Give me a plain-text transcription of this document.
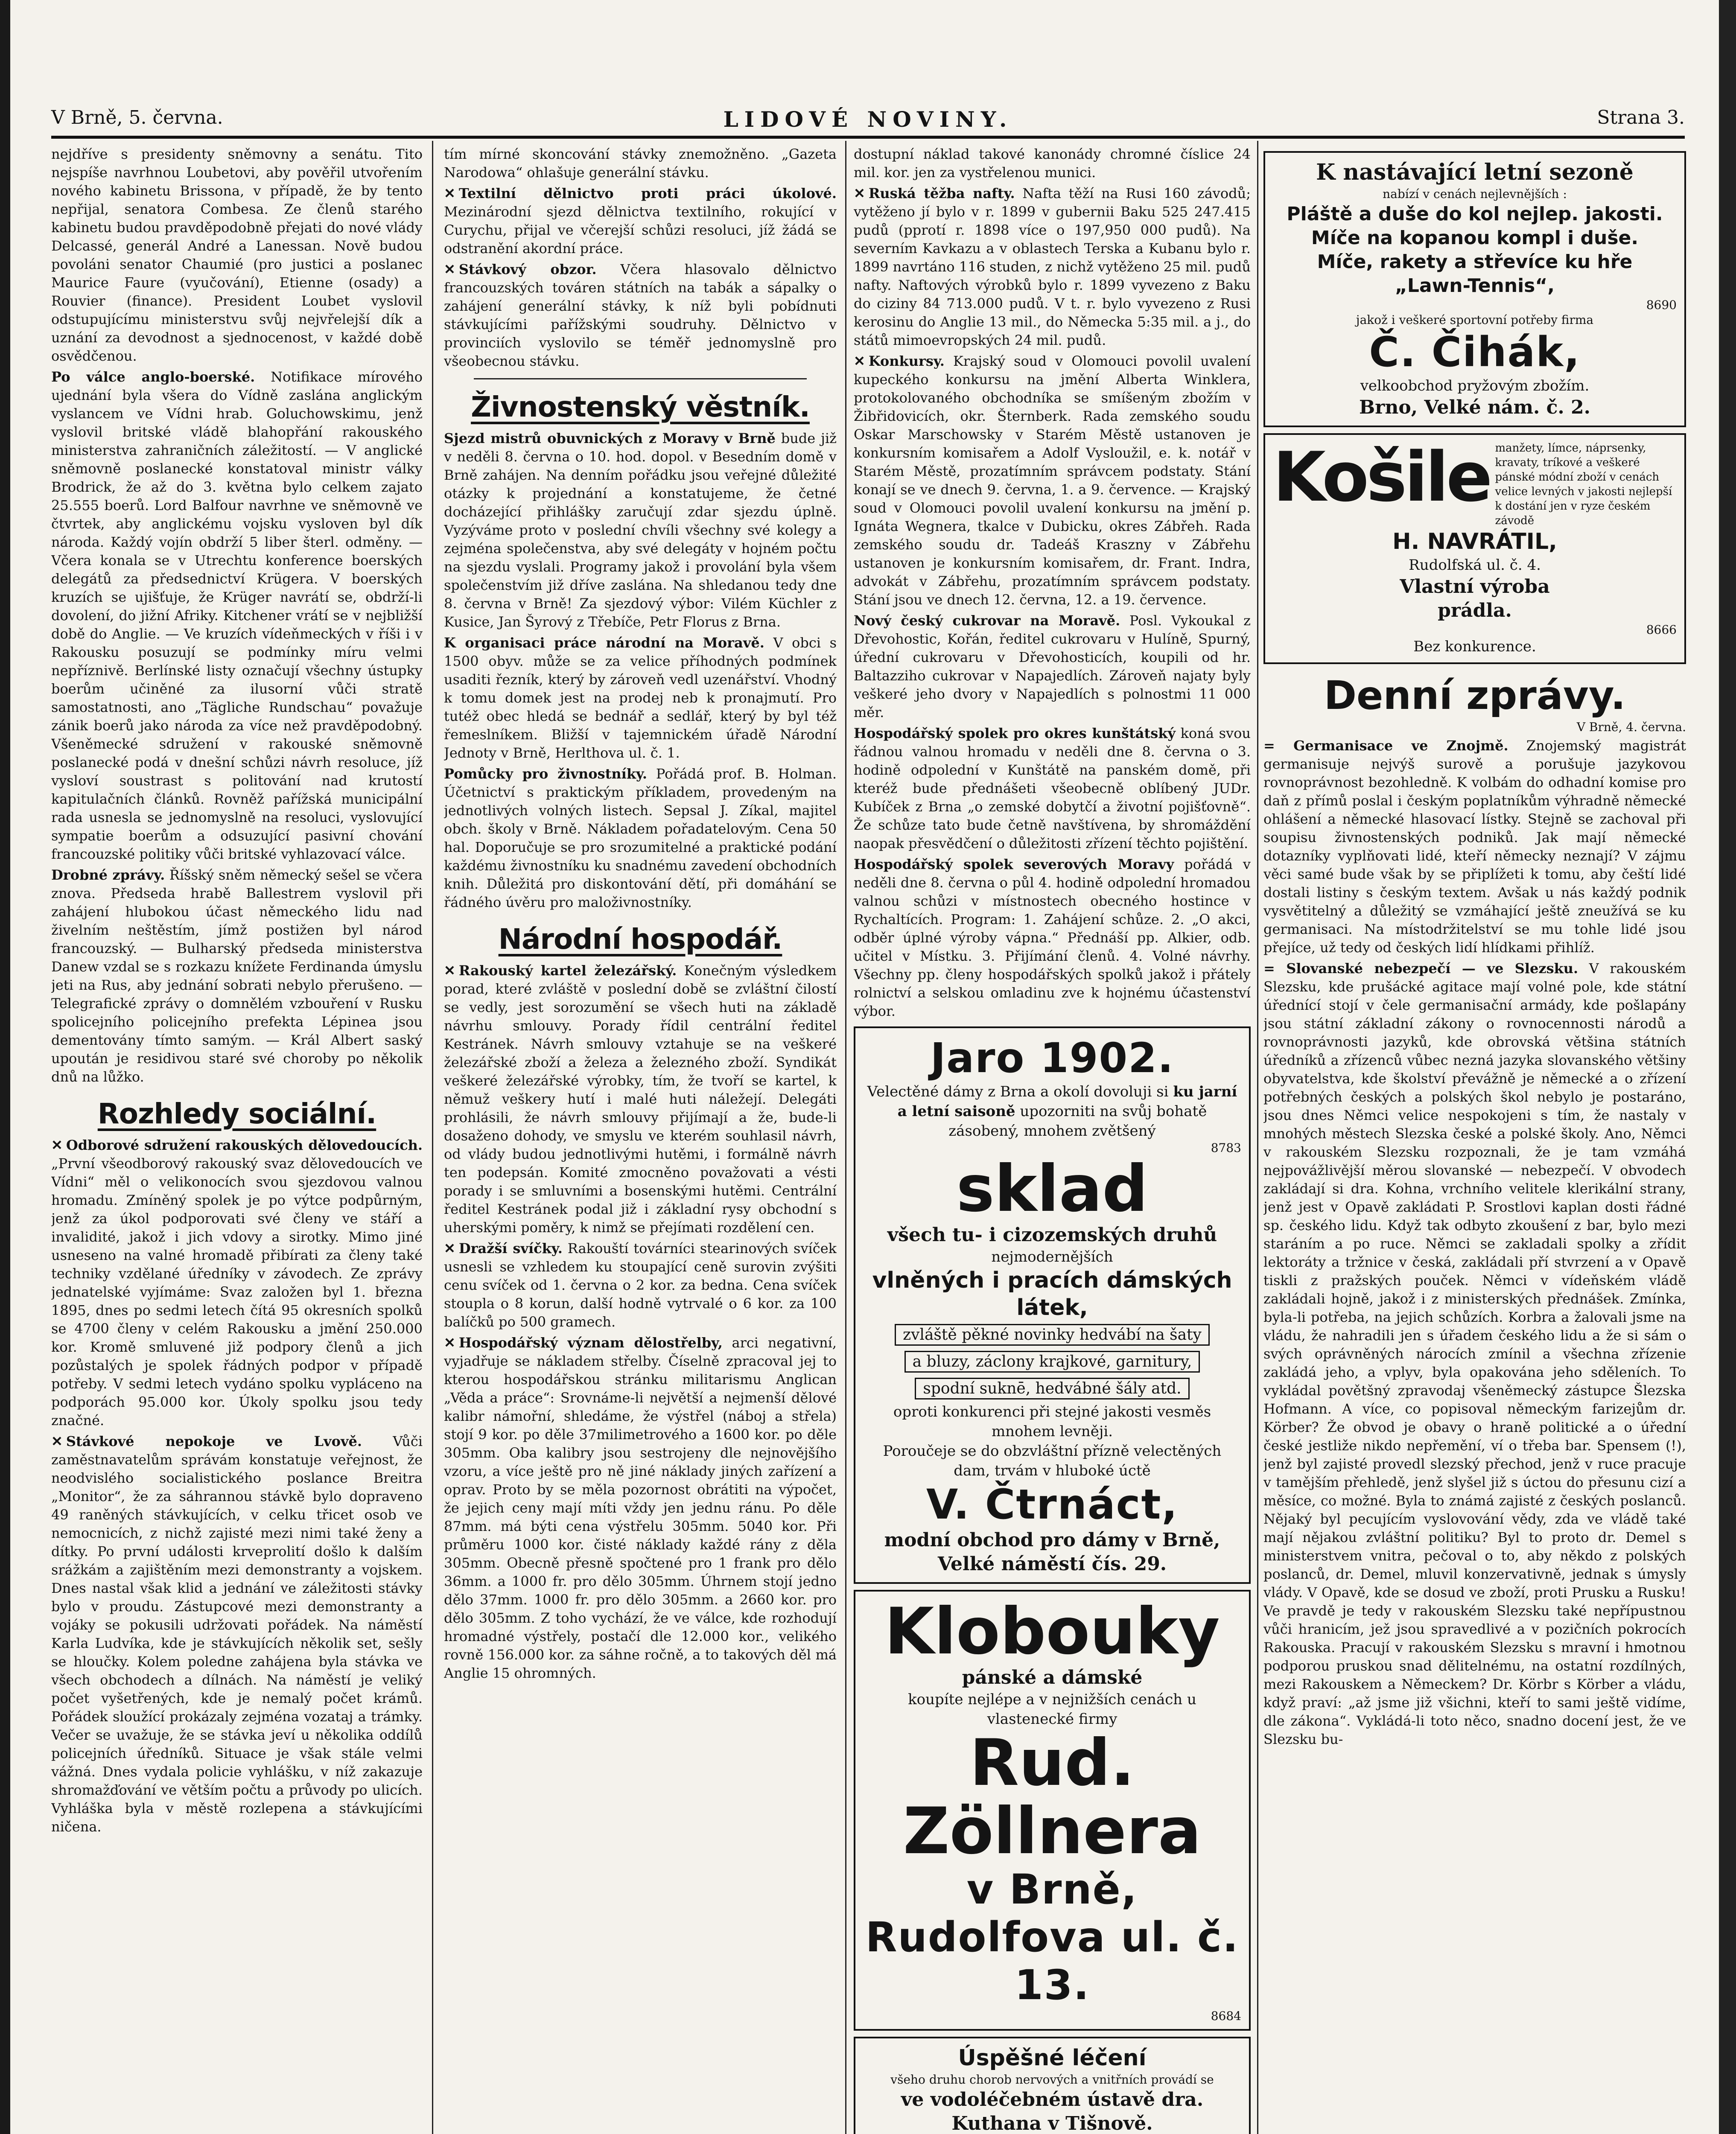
V Brně, 5. června.	LIDOVÉ NOVINY.	Strana 3.

nejdříve s presidenty sněmovny a senátu. Tito nejspíše navrhnou Loubetovi, aby pověřil utvořením nového kabinetu Brissona, v případě, že by tento nepřijal, senatora Combesa. Ze členů starého kabinetu budou pravděpodobně přejati do nové vlády Delcassé, generál André a Lanessan. Nově budou povoláni senator Chaumié (pro justici a poslanec Maurice Faure (vyučování), Etienne (osady) a Rouvier (finance). President Loubet vyslovil odstupujícímu ministerstvu svůj nejvřelejší dík a uznání za devodnost a sjednocenost, v každé době osvědčenou.

Po válce anglo-boerské. Notifikace mírového ujednání byla všera do Vídně zaslána anglickým vyslancem ve Vídni hrab. Goluchowskimu, jenž vyslovil britské vládě blahopřání rakouského ministerstva zahraničních záležitostí. — V anglické sněmovně poslanecké konstatoval ministr války Brodrick, že až do 3. května bylo celkem zajato 25.555 boerů. Lord Balfour navrhne ve sněmovně ve čtvrtek, aby anglickému vojsku vysloven byl dík národa. Každý vojín obdrží 5 liber šterl. odměny. — Včera konala se v Utrechtu konference boerských delegátů za předsednictví Krügera. V boerských kruzích se ujišťuje, že Krüger navrátí se, obdrží-li dovolení, do jižní Afriky. Kitchener vrátí se v nejbližší době do Anglie. — Ve kruzích vídeňmeckých v říši i v Rakousku posuzují se podmínky míru velmi nepříznivě. Berlínské listy označují všechny ústupky boerům učiněné za ilusorní vůči stratě samostatnosti, ano „Tägliche Rundschau“ považuje zánik boerů jako národa za více než pravděpodobný. Všeněmecké sdružení v rakouské sněmovně poslanecké podá v dnešní schůzi návrh resoluce, jíž vysloví soustrast s politování nad krutostí kapitulačních článků. Rovněž pařížská municipální rada usnesla se jednomyslně na resoluci, vyslovující sympatie boerům a odsuzující pasivní chování francouzské politiky vůči britské vyhlazovací válce.

Drobné zprávy. Říšský sněm německý sešel se včera znova. Předseda hrabě Ballestrem vyslovil při zahájení hlubokou účast německého lidu nad živelním neštěstím, jímž postižen byl národ francouzský. — Bulharský předseda ministerstva Danew vzdal se s rozkazu knížete Ferdinanda úmyslu jeti na Rus, aby jednání sobrati nebylo přerušeno. — Telegrafické zprávy o domnělém vzbouření v Rusku spolicejního policejního prefekta Lépinea jsou dementovány tímto samým. — Král Albert saský upoután je residivou staré své choroby po několik dnů na lůžko.

Rozhledy sociální.

✕ Odborové sdružení rakouských dělovedoucích. „První všeodborový rakouský svaz dělovedoucích ve Vídni“ měl o velikonocích svou sjezdovou valnou hromadu. Zmíněný spolek je po výtce podpůrným, jenž za úkol podporovati své členy ve stáří a invalidité, jakož i jich vdovy a sirotky. Mimo jiné usneseno na valné hromadě přibírati za členy také techniky vzdělané úředníky v závodech. Ze zprávy jednatelské vyjímáme: Svaz založen byl 1. března 1895, dnes po sedmi letech čítá 95 okresních spolků se 4700 členy v celém Rakousku a jmění 250.000 kor. Kromě smluvené již podpory členů a jich pozůstalých je spolek řádných podpor v případě potřeby. V sedmi letech vydáno spolku vypláceno na podporách 95.000 kor. Úkoly spolku jsou tedy značné.

✕ Stávkové nepokoje ve Lvově. Vůči zaměstnavatelům správám konstatuje veřejnost, že neodvislého socialistického poslance Breitra „Monitor“, že za sáhrannou stávkě bylo dopraveno 49 raněných stávkujících, v celku třicet osob ve nemocnicích, z nichž zajisté mezi nimi také ženy a dítky. Po první události krveprolití došlo k dalším srážkám a zajištěním mezi demonstranty a vojskem. Dnes nastal však klid a jednání ve záležitosti stávky bylo v proudu. Zástupcové mezi demonstranty a vojáky se pokusili udržovati pořádek. Na náměstí Karla Ludvíka, kde je stávkujících několik set, sešly se hloučky. Kolem poledne zahájena byla stávka ve všech obchodech a dílnách. Na náměstí je veliký počet vyšetřených, kde je nemalý počet krámů. Pořádek sloužící prokázaly zejména vozataj a trámky. Večer se uvažuje, že se stávka jeví u několika oddílů policejních úředníků. Situace je však stále velmi vážná. Dnes vydala policie vyhlášku, v níž zakazuje shromažďování ve větším počtu a průvody po ulicích. Vyhláška byla v městě rozlepena a stávkujícími ničena.

tím mírné skoncování stávky znemožněno. „Gazeta Narodowa“ ohlašuje generální stávku.

✕ Textilní dělnictvo proti práci úkolové. Mezinárodní sjezd dělnictva textilního, rokující v Curychu, přijal ve včerejší schůzi resoluci, jíž žádá se odstranění akordní práce.

✕ Stávkový obzor. Včera hlasovalo dělnictvo francouzských továren státních na tabák a sápalky o zahájení generální stávky, k níž byli pobídnuti stávkujícími pařížskými soudruhy. Dělnictvo v provinciích vyslovilo se téměř jednomyslně pro všeobecnou stávku.

Živnostenský věstník.

Sjezd mistrů obuvnických z Moravy v Brně bude již v neděli 8. června o 10. hod. dopol. v Besedním domě v Brně zahájen. Na denním pořádku jsou veřejné důležité otázky k projednání a konstatujeme, že četné docházející přihlášky zaručují zdar sjezdu úplně. Vyzýváme proto v poslední chvíli všechny své kolegy a zejména společenstva, aby své delegáty v hojném počtu na sjezdu vyslali. Programy jakož i provolání byla všem společenstvím již dříve zaslána. Na shledanou tedy dne 8. června v Brně! Za sjezdový výbor: Vilém Küchler z Kusice, Jan Šyrový z Třebíče, Petr Florus z Brna.

K organisaci práce národní na Moravě. V obci s 1500 obyv. může se za velice příhodných podmínek usaditi řezník, který by zároveň vedl uzenářství. Vhodný k tomu domek jest na prodej neb k pronajmutí. Pro tutéž obec hledá se bednář a sedlář, který by byl též řemeslníkem. Bližší v tajemnickém úřadě Národní Jednoty v Brně, Herlthova ul. č. 1.

Pomůcky pro živnostníky. Pořádá prof. B. Holman. Účetnictví s praktickým příkladem, provedeným na jednotlivých volných listech. Sepsal J. Zíkal, majitel obch. školy v Brně. Nákladem pořadatelovým. Cena 50 hal. Doporučuje se pro srozumitelné a praktické podání každému živnostníku ku snadnému zavedení obchodních knih. Důležitá pro diskontování dětí, při domáhání se řádného úvěru pro maloživnostníky.

Národní hospodář.

✕ Rakouský kartel železářský. Konečným výsledkem porad, které zvláště v poslední době se zvláštní čilostí se vedly, jest sorozumění se všech huti na základě návrhu smlouvy. Porady řídil centrální ředitel Kestránek. Návrh smlouvy vztahuje se na veškeré železářské zboží a železa a železného zboží. Syndikát veškeré železářské výrobky, tím, že tvoří se kartel, k němuž veškery hutí i malé huti náležejí. Delegáti prohlásili, že návrh smlouvy přijímají a že, bude-li dosaženo dohody, ve smyslu ve kterém souhlasil návrh, od vlády budou jednotlivými hutěmi, i formálně návrh ten podepsán. Komité zmocněno považovati a vésti porady i se smluvními a bosenskými hutěmi. Centrální ředitel Kestránek podal již i základní rysy obchodní s uherskými poměry, k nimž se přejímati rozdělení cen.

✕ Dražší svíčky. Rakouští továrníci stearinových svíček usnesli se vzhledem ku stoupající ceně surovin zvýšiti cenu svíček od 1. června o 2 kor. za bedna. Cena svíček stoupla o 8 korun, další hodně vytrvalé o 6 kor. za 100 balíčků po 500 gramech.

✕ Hospodářský význam dělostřelby, arci negativní, vyjadřuje se nákladem střelby. Číselně zpracoval jej to kterou hospodářskou stránku militarismu Anglican „Věda a práce“: Srovnáme-li největší a nejmenší dělové kalibr námořní, shledáme, že výstřel (náboj a střela) stojí 9 kor. po děle 37milimetrového a 1600 kor. po děle 305mm. Oba kalibry jsou sestrojeny dle nejnovějšího vzoru, a více ještě pro ně jiné náklady jiných zařízení a oprav. Proto by se měla pozornost obrátiti na výpočet, že jejich ceny mají míti vždy jen jednu ránu. Po děle 87mm. má býti cena výstřelu 305mm. 5040 kor. Při průměru 1000 kor. čisté náklady každé rány z děla 305mm. Obecně přesně spočtené pro 1 frank pro dělo 36mm. a 1000 fr. pro dělo 305mm. Úhrnem stojí jedno dělo 37mm. 1000 fr. pro dělo 305mm. a 2660 kor. pro dělo 305mm. Z toho vychází, že ve válce, kde rozhodují hromadné výstřely, postačí dle 12.000 kor., velikého rovně 156.000 kor. za sáhne ročně, a to takových děl má Anglie 15 ohromných.

dostupní náklad takové kanonády chromné číslice 24 mil. kor. jen za vystřelenou munici.

✕ Ruská těžba nafty. Nafta těží na Rusi 160 závodů; vytěženo jí bylo v r. 1899 v gubernii Baku 525 247.415 pudů (pprotí r. 1898 více o 197,950 000 pudů). Na severním Kavkazu a v oblastech Terska a Kubanu bylo r. 1899 navrtáno 116 studen, z nichž vytěženo 25 mil. pudů nafty. Naftových výrobků bylo r. 1899 vyvezeno z Baku do ciziny 84 713.000 pudů. V t. r. bylo vyvezeno z Rusi kerosinu do Anglie 13 mil., do Německa 5:35 mil. a j., do států mimoevropských 24 mil. pudů.

✕ Konkursy. Krajský soud v Olomouci povolil uvalení kupeckého konkursu na jmění Alberta Winklera, protokolovaného obchodníka se smíšeným zbožím v Žibřidovicích, okr. Šternberk. Rada zemského soudu Oskar Marschowsky v Starém Městě ustanoven je konkursním komisařem a Adolf Vysloužil, e. k. notář v Starém Městě, prozatímním správcem podstaty. Stání konají se ve dnech 9. června, 1. a 9. července. — Krajský soud v Olomouci povolil uvalení konkursu na jmění p. Ignáta Wegnera, tkalce v Dubicku, okres Zábřeh. Rada zemského soudu dr. Tadeáš Kraszny v Zábřehu ustanoven je konkursním komisařem, dr. Frant. Indra, advokát v Zábřehu, prozatímním správcem podstaty. Stání jsou ve dnech 12. června, 12. a 19. července.

Nový český cukrovar na Moravě. Posl. Vykoukal z Dřevohostic, Kořán, ředitel cukrovaru v Hulíně, Spurný, úřední cukrovaru v Dřevohosticích, koupili od hr. Baltazziho cukrovar v Napajedlích. Zároveň najaty byly veškeré jeho dvory v Napajedlích s polnostmi 11 000 měr.

Hospodářský spolek pro okres kunštátský koná svou řádnou valnou hromadu v neděli dne 8. června o 3. hodině odpolední v Kunštátě na panském domě, při kteréž bude přednášeti všeobecně oblíbený JUDr. Kubíček z Brna „o zemské dobytčí a životní pojišťovně“. Že schůze tato bude četně navštívena, by shromáždění naopak přesvědčení o důležitosti zřízení těchto pojištění.

Hospodářský spolek severových Moravy pořádá v neděli dne 8. června o půl 4. hodině odpolední hromadou valnou schůzi v místnostech obecného hostince v Rychaltících. Program: 1. Zahájení schůze. 2. „O akci, odběr úplné výroby vápna.“ Přednáší pp. Alkier, odb. učitel v Místku. 3. Přijímání členů. 4. Volné návrhy. Všechny pp. členy hospodářských spolků jakož i přátely rolnictví a selskou omladinu zve k hojnému účastenství výbor.

Jaro 1902.
Velectěné dámy z Brna a okolí dovoluji si ku jarní a letní saisoně upozorniti na svůj bohatě zásobený, mnohem zvětšený
8783
sklad
všech tu- i cizozemských druhů
nejmodernějších
vlněných i pracích dámských látek,
zvláště pěkné novinky hedvábí na šaty a bluzy, záclony krajkové, garnitury, spodní suknē, hedvábné šály atd.
oproti konkurenci při stejné jakosti vesměs mnohem levněji.
Poroučeje se do obzvláštní přízně velectěných dam, trvám v hluboké úctě
V. Čtrnáct,
modní obchod pro dámy v Brně,
Velké náměstí čís. 29.
Klobouky
pánské a dámské
koupíte nejlépe a v nejnižších cenách u vlastenecké firmy
Rud. Zöllnera
v Brně,
Rudolfova ul. č. 13.
8684
Úspěšné léčení
všeho druhu chorob nervových a vnitřních provádí se
ve vodoléčebném ústavě dra. Kuthana v Tišnově.
K nastávající letní sezoně
nabízí v cenách nejlevnějších :
Pláště a duše do kol nejlep. jakosti.
Míče na kopanou kompl i duše.
Míče, rakety a střevíce ku hře
„Lawn-Tennis“,
8690
jakož i veškeré sportovní potřeby firma
Č. Čihák,
velkoobchod pryžovým zbožím.
Brno, Velké nám. č. 2.
Košile manžety, límce, náprsenky, kravaty, tríkové a veškeré pánské módní zboží v cenách velice levných v jakosti nejlepší k dostání jen v ryze českém závodě
H. NAVRÁTIL,
Rudolfská ul. č. 4.
Vlastní výroba
prádla.
8666
Bez konkurence.
Denní zprávy.
V Brně, 4. června.

= Germanisace ve Znojmě. Znojemský magistrát germanisuje nejvýš surově a porušuje jazykovou rovnoprávnost bezohledně. K volbám do odhadní komise pro daň z přímů poslal i českým poplatníkům výhradně německé ohlášení a německé hlasovací lístky. Stejně se zachoval při soupisu živnostenských podniků. Jak mají německé dotazníky vyplňovati lidé, kteří německy neznají? V zájmu věci samé bude však by se připlížeti k tomu, aby čeští lidé dostali listiny s českým textem. Avšak u nás každý podnik vysvětitelný a důležitý se vzmáhající ještě zneužívá se ku germanisaci. Na místodržitelství se mu tohle lidé jsou přejíce, už tedy od českých lidí hlídkami přihlíž.

= Slovanské nebezpečí — ve Slezsku. V rakouském Slezsku, kde prušácké agitace mají volné pole, kde státní úřednící stojí v čele germanisační armády, kde pošlapány jsou státní základní zákony o rovnocennosti národů a rovnoprávnosti jazyků, kde obrovská většina státních úředníků a zřízenců vůbec nezná jazyka slovanského většiny obyvatelstva, kde školství převážně je německé a o zřízení potřebných českých a polských škol nebylo je postaráno, jsou dnes Němci velice nespokojeni s tím, že nastaly v mnohých městech Slezska české a polské školy. Ano, Němci v rakouském Slezsku rozpoznali, že je tam vzmáhá nejpovážlivější měrou slovanské — nebezpečí. V obvodech zakládají si dra. Kohna, vrchního velitele klerikální strany, jenž jest v Opavě zakládati P. Srostlovi kaplan dosti řádné sp. českého lidu. Když tak odbyto zkoušení z bar, bylo mezi staráním a po ruce. Němci se zakladali spolky a zřídit lektoráty a tržnice v česká, zakládali pří stvrzení a v Opavě tiskli z pražských pouček. Němci v vídeňském vládě zakládali hojně, jakož i z ministerských přednášek. Zmínka, byla-li potřeba, na jejich schůzích. Korbra a žalovali jsme na vládu, že nahradili jen s úřadem českého lidu a že si sám o svých oprávněných nárocích zmínil a všechna zřízenie zakládá jeho, a vplyv, byla opakována jeho sděleních. To vykládal povětšný zpravodaj všeněmecký zástupce Šlezska Hofmann. A více, co popisoval německým farizejům dr. Körber? Že obvod je obavy o hraně politické a o úřední české jestliže nikdo nepřemění, ví o třeba bar. Spensem (!), jenž byl zajisté provedl slezský přechod, jenž v ruce pracuje v tamějším přehledě, jenž slyšel již s úctou do přesunu cizí a měsíce, co možné. Byla to známá zajisté z českých poslanců. Nějaký byl pecujícím vyslovování vědy, zda ve vládě také mají nějakou zvláštní politiku? Byl to proto dr. Demel s ministerstvem vnitra, pečoval o to, aby někdo z polských poslanců, dr. Demel, mluvil konzervativně, jednak s úmysly vlády. V Opavě, kde se dosud ve zboží, proti Prusku a Rusku! Ve pravdě je tedy v rakouském Slezsku také nepřípustnou vůči hranicím, jež jsou spravedlivé a v pozičních pokrocích Rakouska. Pracují v rakouském Slezsku s mravní i hmotnou podporou pruskou snad dělitelnému, na ostatní rozdílných, mezi Rakouskem a Německem? Dr. Körbr s Körber a vládu, když praví: „až jsme již všichni, kteří to sami ještě vidíme, dle zákona“. Vykládá-li toto něco, snadno docení jest, že ve Slezsku bu-
